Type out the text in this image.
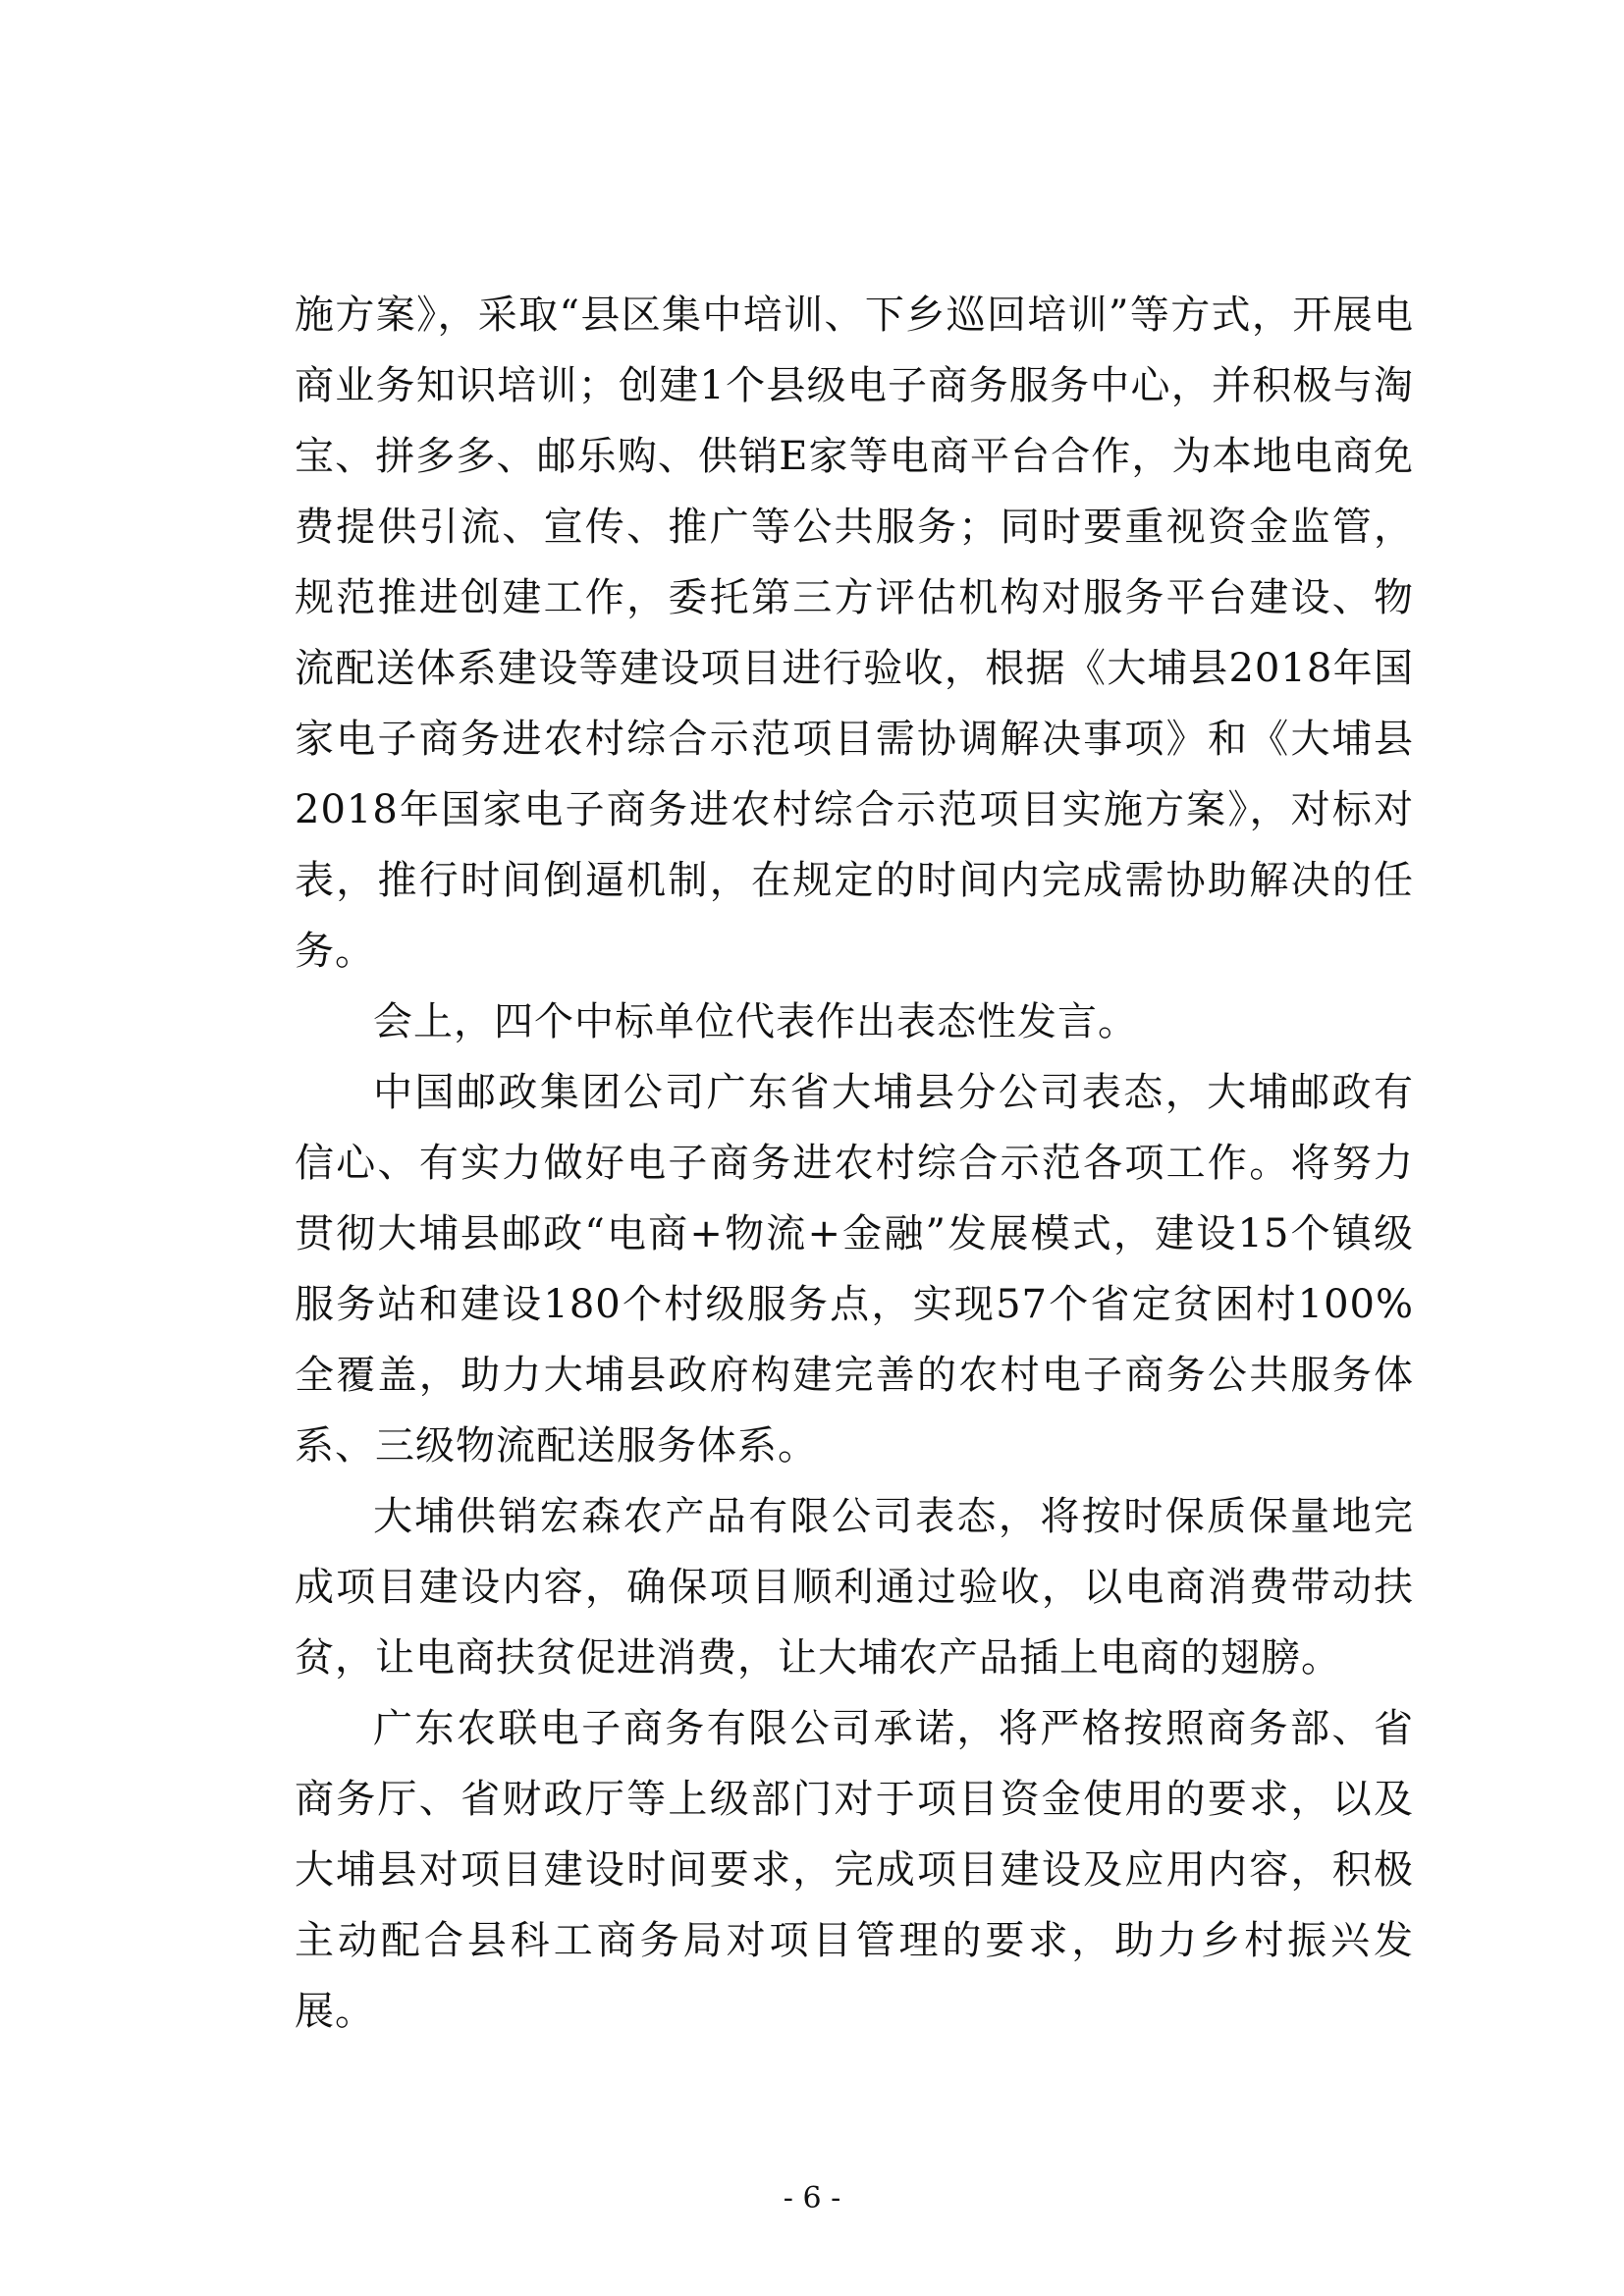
施方案》，采取“县区集中培训、下乡巡回培训”等方式，开展电商业务知识培训；创建1个县级电子商务服务中心，并积极与淘宝、拼多多、邮乐购、供销E家等电商平台合作，为本地电商免费提供引流、宣传、推广等公共服务；同时要重视资金监管，规范推进创建工作，委托第三方评估机构对服务平台建设、物流配送体系建设等建设项目进行验收，根据《大埔县2018年国家电子商务进农村综合示范项目需协调解决事项》和《大埔县2018年国家电子商务进农村综合示范项目实施方案》，对标对表，推行时间倒逼机制，在规定的时间内完成需协助解决的任务。

会上，四个中标单位代表作出表态性发言。

中国邮政集团公司广东省大埔县分公司表态，大埔邮政有信心、有实力做好电子商务进农村综合示范各项工作。将努力贯彻大埔县邮政“电商+物流+金融”发展模式，建设15个镇级服务站和建设180个村级服务点，实现57个省定贫困村100%全覆盖，助力大埔县政府构建完善的农村电子商务公共服务体系、三级物流配送服务体系。

大埔供销宏森农产品有限公司表态，将按时保质保量地完成项目建设内容，确保项目顺利通过验收，以电商消费带动扶贫，让电商扶贫促进消费，让大埔农产品插上电商的翅膀。

广东农联电子商务有限公司承诺，将严格按照商务部、省商务厅、省财政厅等上级部门对于项目资金使用的要求，以及大埔县对项目建设时间要求，完成项目建设及应用内容，积极主动配合县科工商务局对项目管理的要求，助力乡村振兴发展。

- 6 -
